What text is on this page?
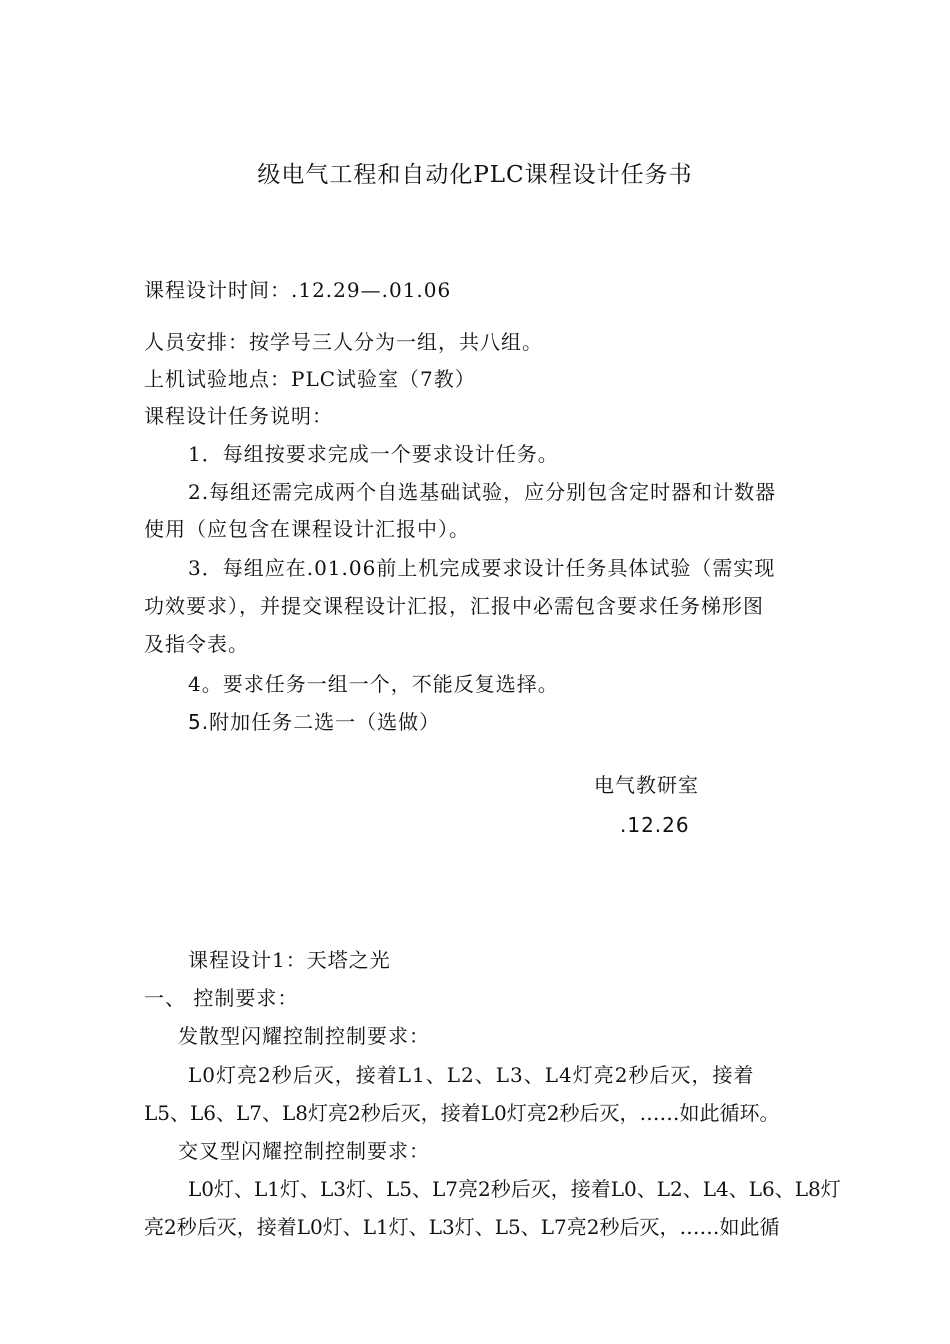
级电气工程和自动化PLC课程设计任务书
课程设计时间：.12.29—.01.06
人员安排：按学号三人分为一组，共八组。
上机试验地点：PLC试验室（7教）
课程设计任务说明：
1．每组按要求完成一个要求设计任务。
2.每组还需完成两个自选基础试验，应分别包含定时器和计数器
使用（应包含在课程设计汇报中）。
3．每组应在.01.06前上机完成要求设计任务具体试验（需实现
功效要求），并提交课程设计汇报，汇报中必需包含要求任务梯形图
及指令表。
4。要求任务一组一个，不能反复选择。
5.附加任务二选一（选做）
电气教研室
.12.26
课程设计1：天塔之光
一、 控制要求：
发散型闪耀控制控制要求：
L0灯亮2秒后灭，接着L1、L2、L3、L4灯亮2秒后灭，接着
L5、L6、L7、L8灯亮2秒后灭，接着L0灯亮2秒后灭，……如此循环。
交叉型闪耀控制控制要求：
L0灯、L1灯、L3灯、L5、L7亮2秒后灭，接着L0、L2、L4、L6、L8灯
亮2秒后灭，接着L0灯、L1灯、L3灯、L5、L7亮2秒后灭，……如此循
